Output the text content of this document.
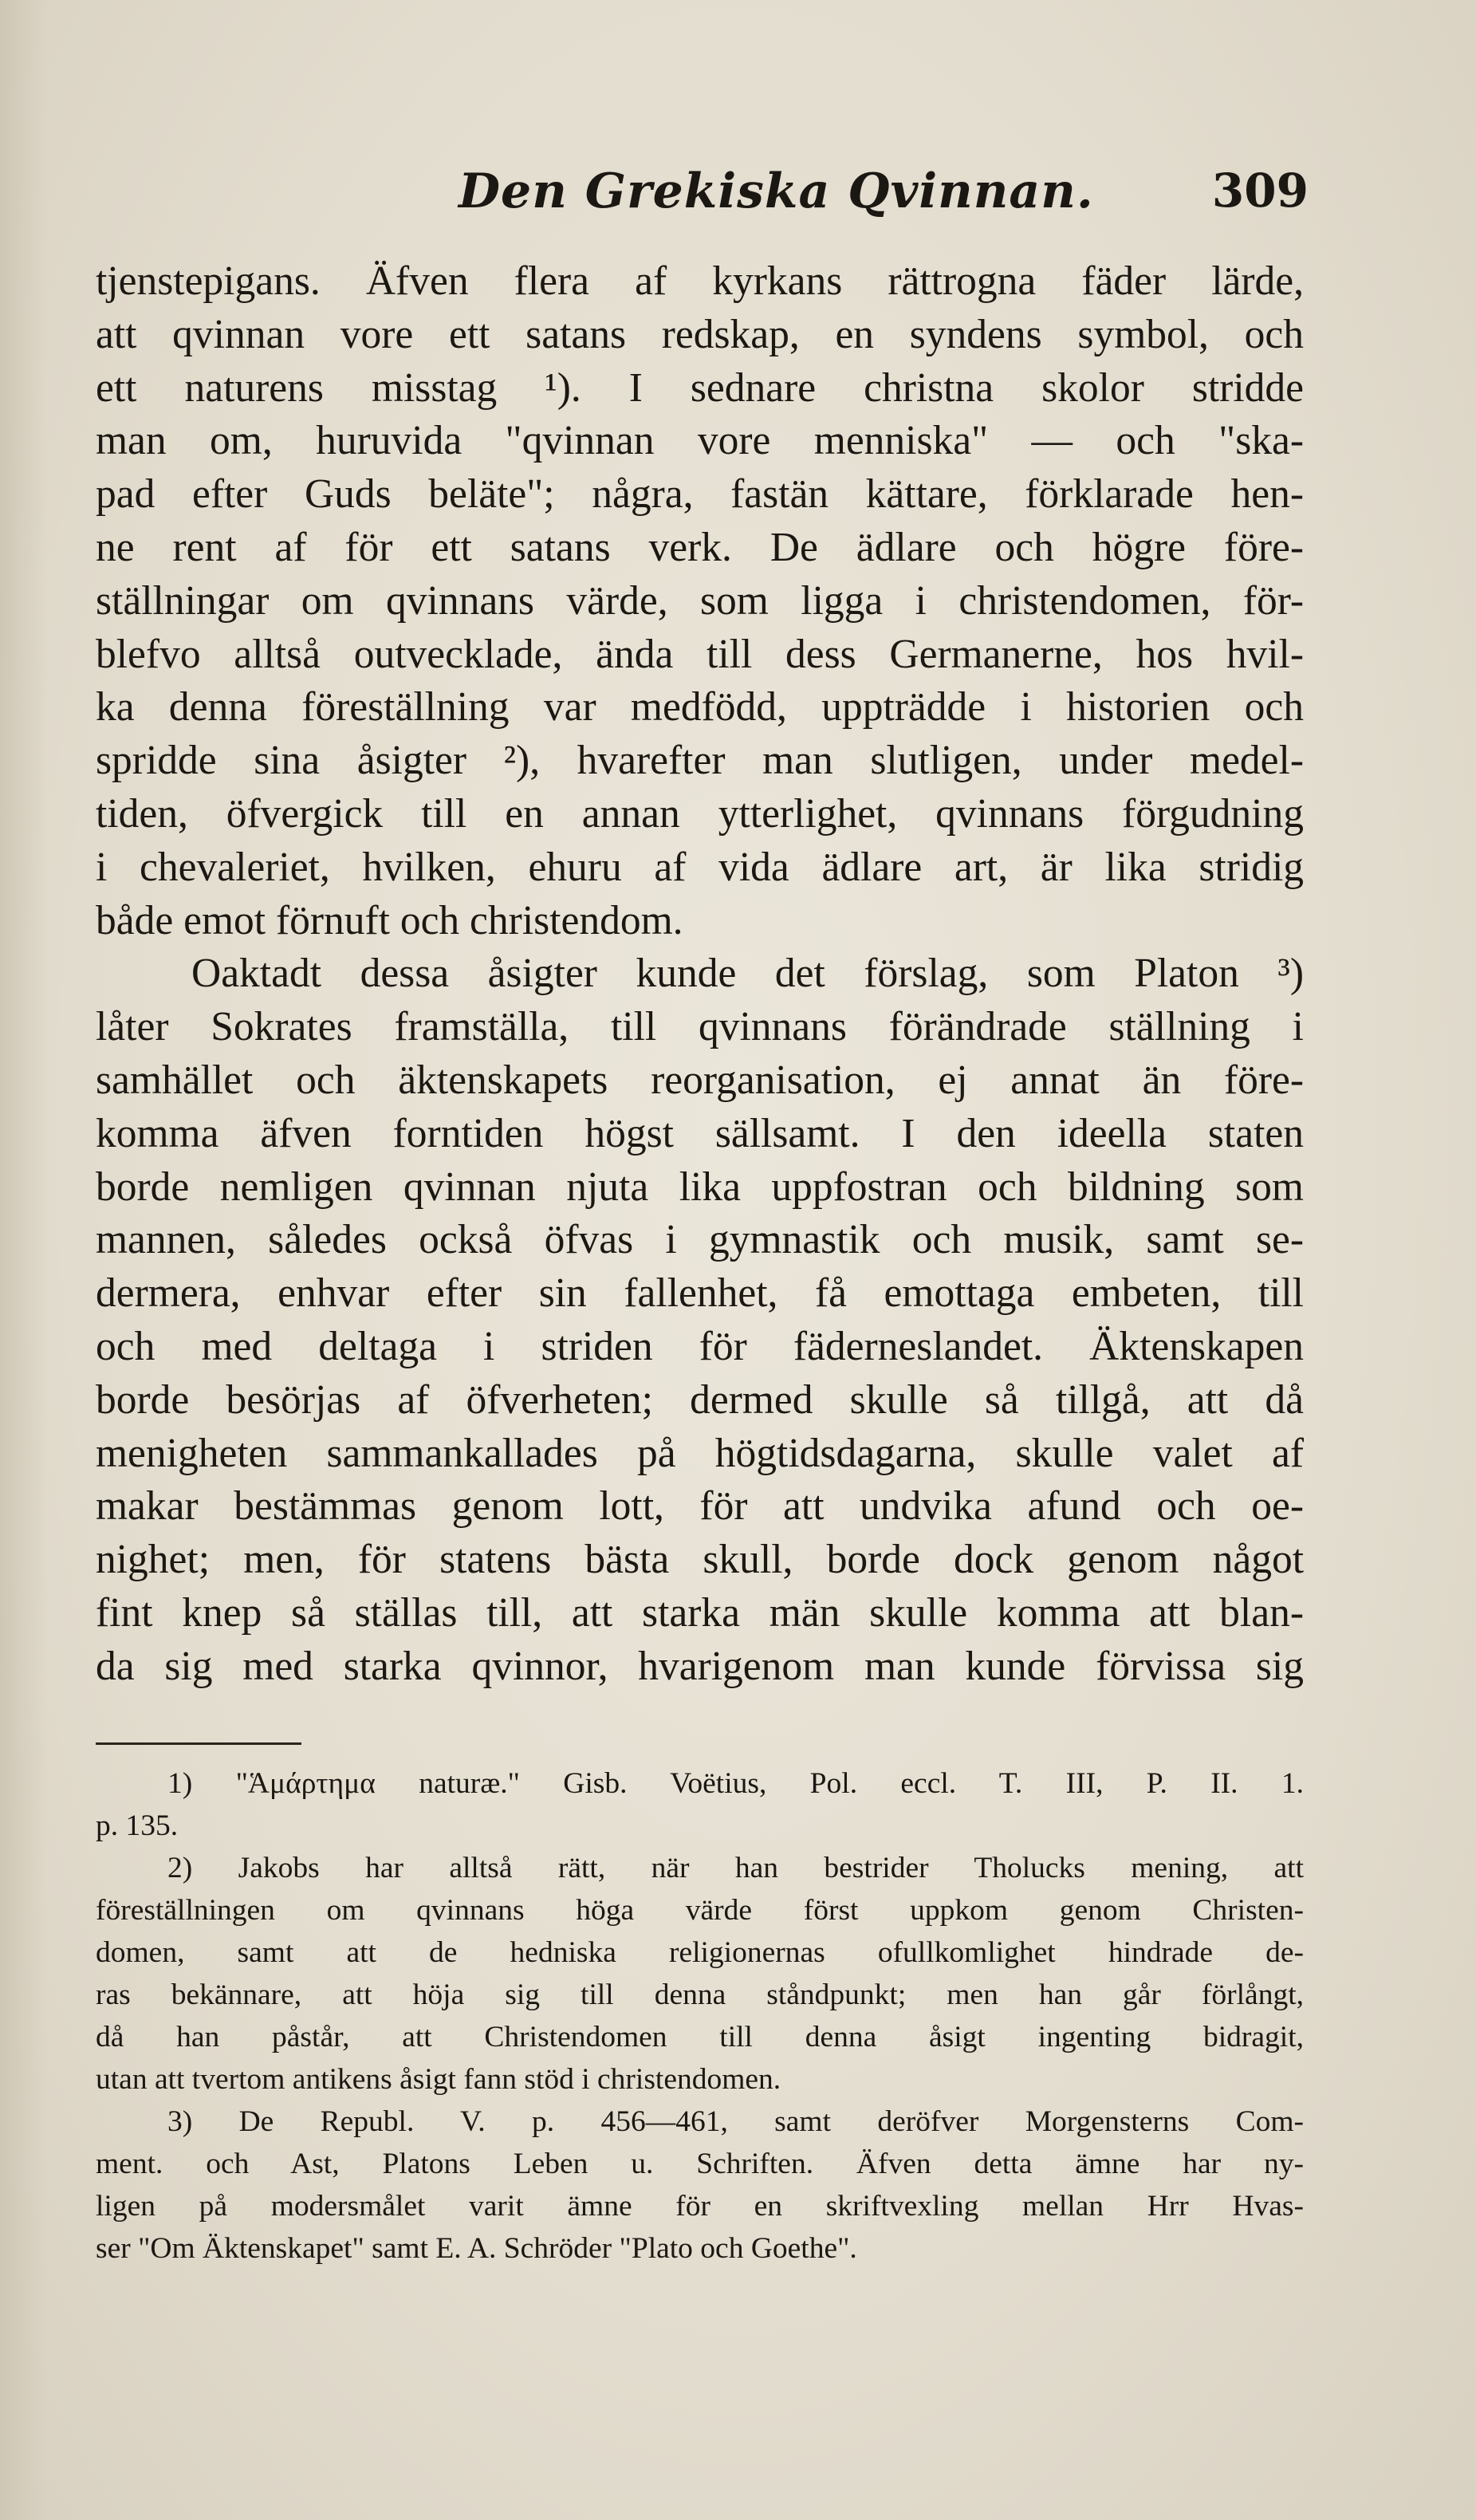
Den Grekiska Qvinnan.	309
tjenstepigans. Äfven flera af kyrkans rättrogna fäder lärde,
att qvinnan vore ett satans redskap, en syndens symbol, och
ett naturens misstag ¹). I sednare christna skolor stridde
man om, huruvida "qvinnan vore menniska" — och "ska-
pad efter Guds beläte"; några, fastän kättare, förklarade hen-
ne rent af för ett satans verk. De ädlare och högre före-
ställningar om qvinnans värde, som ligga i christendomen, för-
blefvo alltså outvecklade, ända till dess Germanerne, hos hvil-
ka denna föreställning var medfödd, uppträdde i historien och
spridde sina åsigter ²), hvarefter man slutligen, under medel-
tiden, öfvergick till en annan ytterlighet, qvinnans förgudning
i chevaleriet, hvilken, ehuru af vida ädlare art, är lika stridig
både emot förnuft och christendom.
Oaktadt dessa åsigter kunde det förslag, som Platon ³)
låter Sokrates framställa, till qvinnans förändrade ställning i
samhället och äktenskapets reorganisation, ej annat än före-
komma äfven forntiden högst sällsamt. I den ideella staten
borde nemligen qvinnan njuta lika uppfostran och bildning som
mannen, således också öfvas i gymnastik och musik, samt se-
dermera, enhvar efter sin fallenhet, få emottaga embeten, till
och med deltaga i striden för fäderneslandet. Äktenskapen
borde besörjas af öfverheten; dermed skulle så tillgå, att då
menigheten sammankallades på högtidsdagarna, skulle valet af
makar bestämmas genom lott, för att undvika afund och oe-
nighet; men, för statens bästa skull, borde dock genom något
fint knep så ställas till, att starka män skulle komma att blan-
da sig med starka qvinnor, hvarigenom man kunde förvissa sig
1) "Ἁμάρτημα naturæ." Gisb. Voëtius, Pol. eccl. T. III, P. II. 1.
p. 135.
2) Jakobs har alltså rätt, när han bestrider Tholucks mening, att
föreställningen om qvinnans höga värde först uppkom genom Christen-
domen, samt att de hedniska religionernas ofullkomlighet hindrade de-
ras bekännare, att höja sig till denna ståndpunkt; men han går förlångt,
då han påstår, att Christendomen till denna åsigt ingenting bidragit,
utan att tvertom antikens åsigt fann stöd i christendomen.
3) De Republ. V. p. 456—461, samt deröfver Morgensterns Com-
ment. och Ast, Platons Leben u. Schriften. Äfven detta ämne har ny-
ligen på modersmålet varit ämne för en skriftvexling mellan Hrr Hvas-
ser "Om Äktenskapet" samt E. A. Schröder "Plato och Goethe".
